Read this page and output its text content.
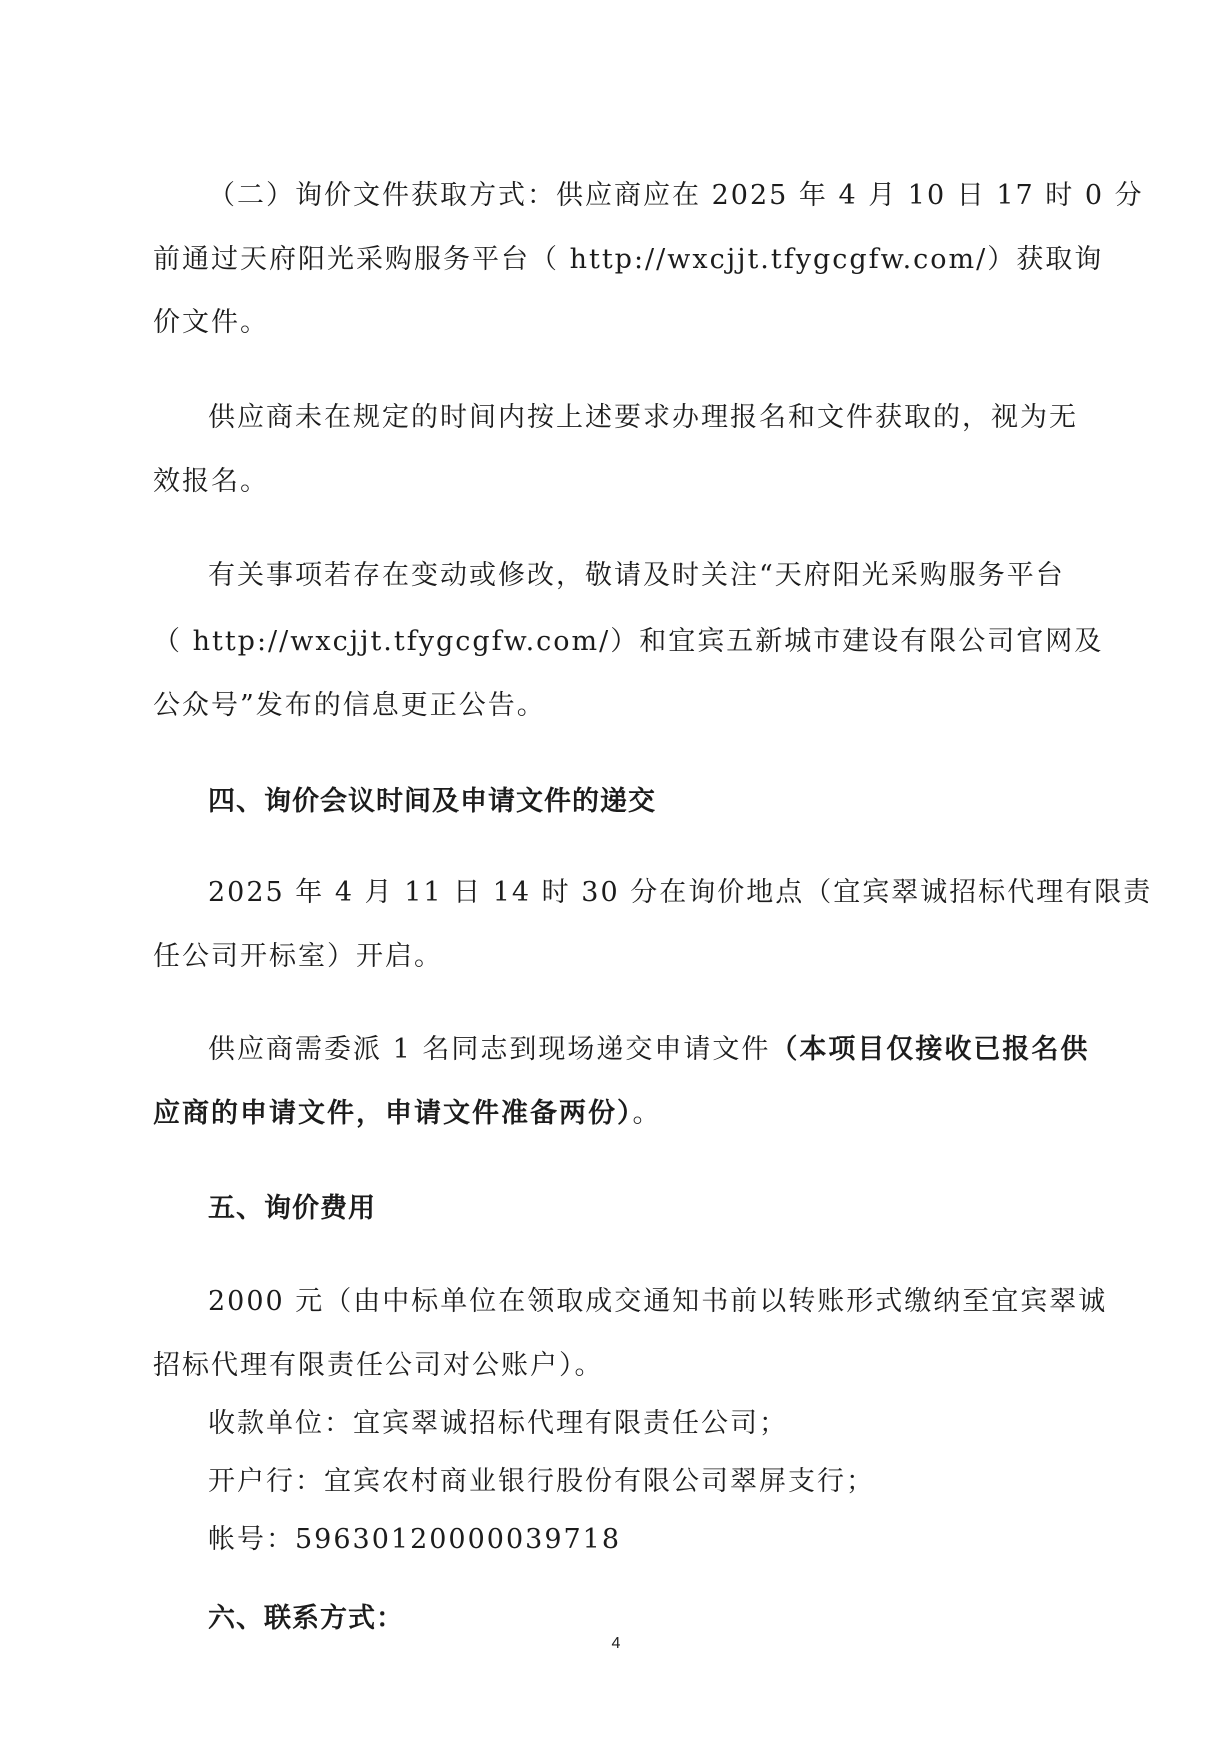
（二）询价文件获取方式：供应商应在 2025 年 4 月 10 日 17 时 0 分
前通过天府阳光采购服务平台（ http://wxcjjt.tfygcgfw.com/）获取询
价文件。
供应商未在规定的时间内按上述要求办理报名和文件获取的，视为无
效报名。
有关事项若存在变动或修改，敬请及时关注“天府阳光采购服务平台
（ http://wxcjjt.tfygcgfw.com/）和宜宾五新城市建设有限公司官网及
公众号”发布的信息更正公告。
四、询价会议时间及申请文件的递交
2025 年 4 月 11 日 14 时 30 分在询价地点（宜宾翠诚招标代理有限责
任公司开标室）开启。
供应商需委派 1 名同志到现场递交申请文件（本项目仅接收已报名供
应商的申请文件，申请文件准备两份）。
五、询价费用
2000 元（由中标单位在领取成交通知书前以转账形式缴纳至宜宾翠诚
招标代理有限责任公司对公账户）。
收款单位：宜宾翠诚招标代理有限责任公司；
开户行：宜宾农村商业银行股份有限公司翠屏支行；
帐号：59630120000039718
六、联系方式：
4
